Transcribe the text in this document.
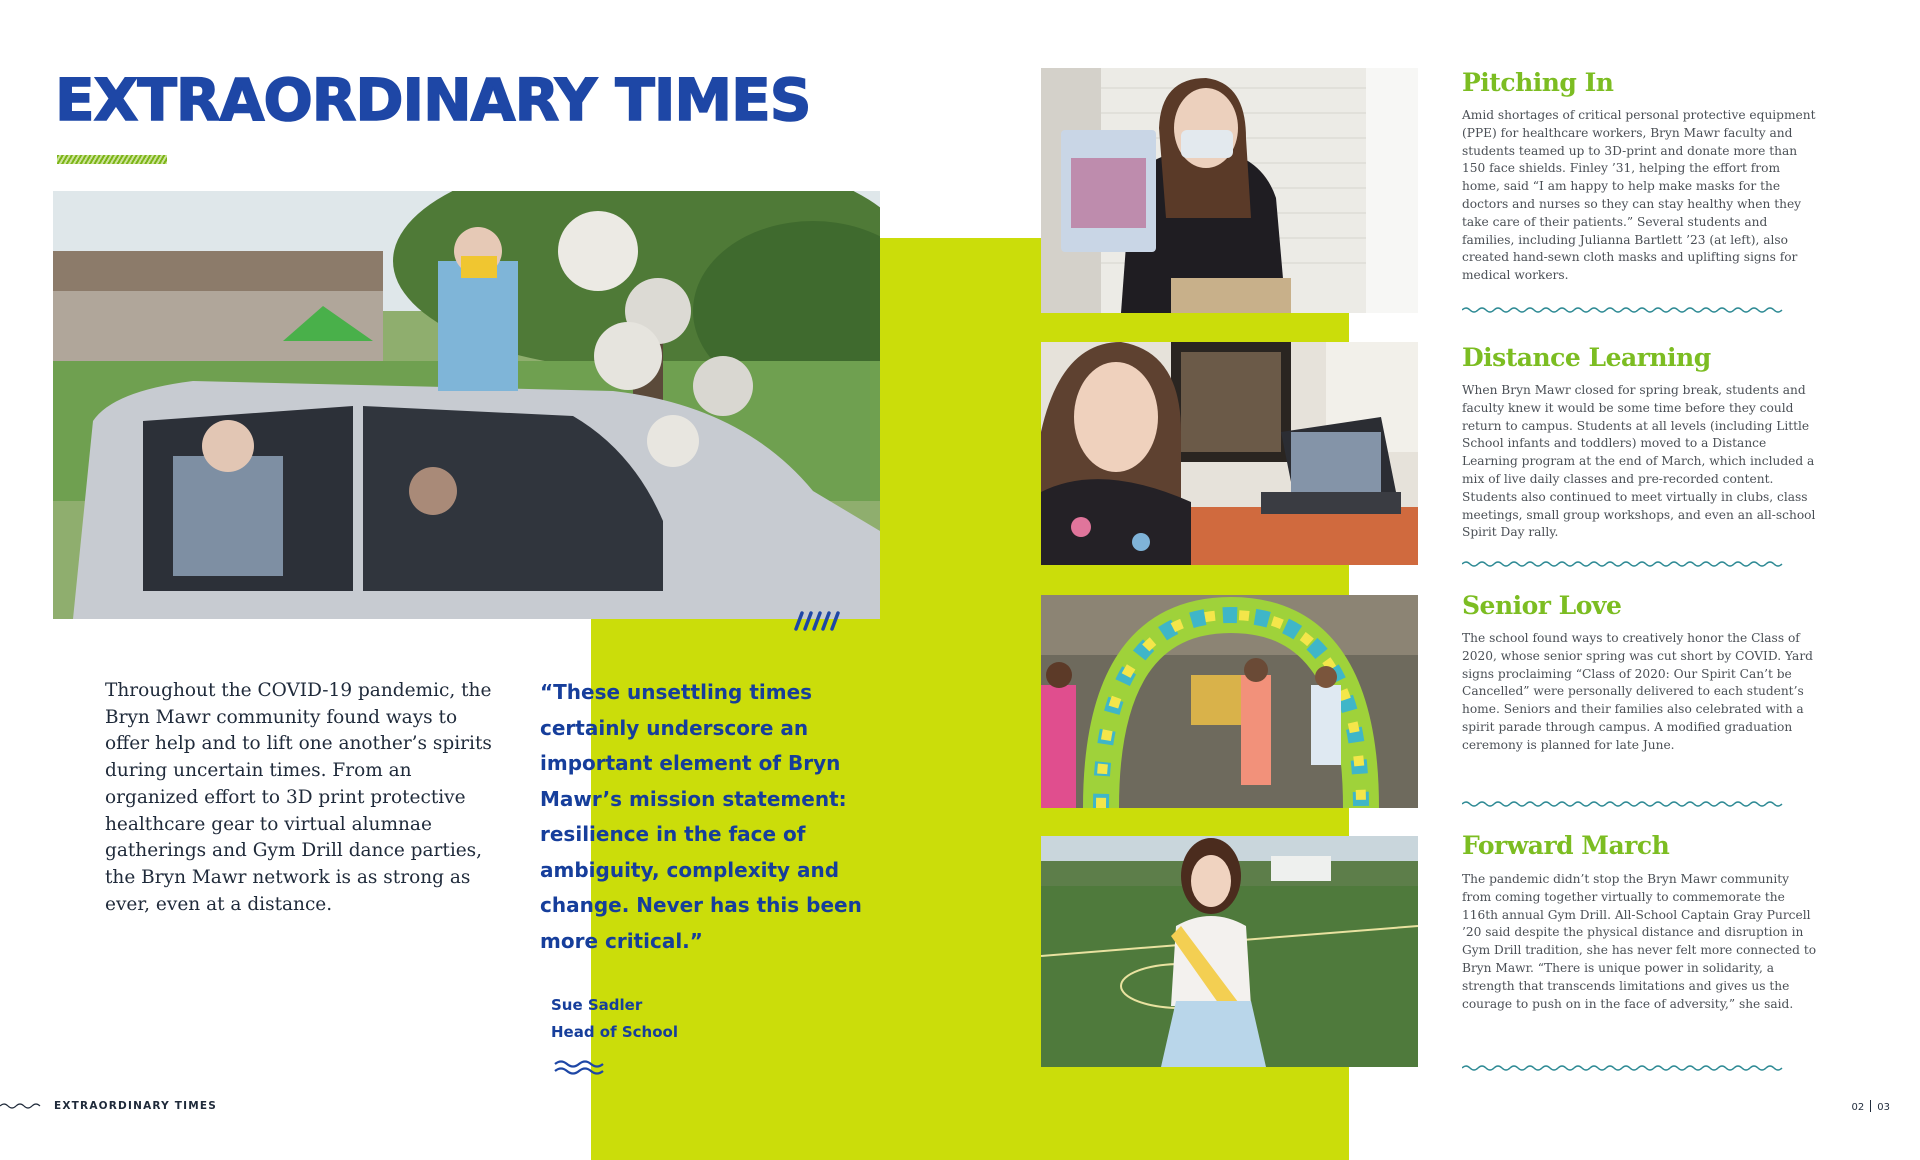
EXTRAORDINARY TIMES

Throughout the COVID-19 pandemic, the Bryn Mawr community found ways to offer help and to lift one another’s spirits during uncertain times. From an organized effort to 3D print protective healthcare gear to virtual alumnae gatherings and Gym Drill dance parties, the Bryn Mawr network is as strong as ever, even at a distance.

“These unsettling times certainly underscore an important element of Bryn Mawr’s mission statement: resilience in the face of ambiguity, complexity and change. Never has this been more critical.”

Sue Sadler
Head of School
Pitching In

Amid shortages of critical personal protective equipment (PPE) for healthcare workers, Bryn Mawr faculty and students teamed up to 3D-print and donate more than 150 face shields. Finley ’31, helping the effort from home, said “I am happy to help make masks for the doctors and nurses so they can stay healthy when they take care of their patients.” Several students and families, including Julianna Bartlett ’23 (at left), also created hand-sewn cloth masks and uplifting signs for medical workers.

Distance Learning

When Bryn Mawr closed for spring break, students and faculty knew it would be some time before they could return to campus. Students at all levels (including Little School infants and toddlers) moved to a Distance Learning program at the end of March, which included a mix of live daily classes and pre-recorded content. Students also continued to meet virtually in clubs, class meetings, small group workshops, and even an all-school Spirit Day rally.

Senior Love

The school found ways to creatively honor the Class of 2020, whose senior spring was cut short by COVID. Yard signs proclaiming “Class of 2020: Our Spirit Can’t be Cancelled” were personally delivered to each student’s home. Seniors and their families also celebrated with a spirit parade through campus. A modified graduation ceremony is planned for late June.

Forward March

The pandemic didn’t stop the Bryn Mawr community from coming together virtually to commemorate the 116th annual Gym Drill. All-School Captain Gray Purcell ’20 said despite the physical distance and disruption in Gym Drill tradition, she has never felt more connected to Bryn Mawr. “There is unique power in solidarity, a strength that transcends limitations and gives us the courage to push on in the face of adversity,” she said.

EXTRAORDINARY TIMES	02 03
